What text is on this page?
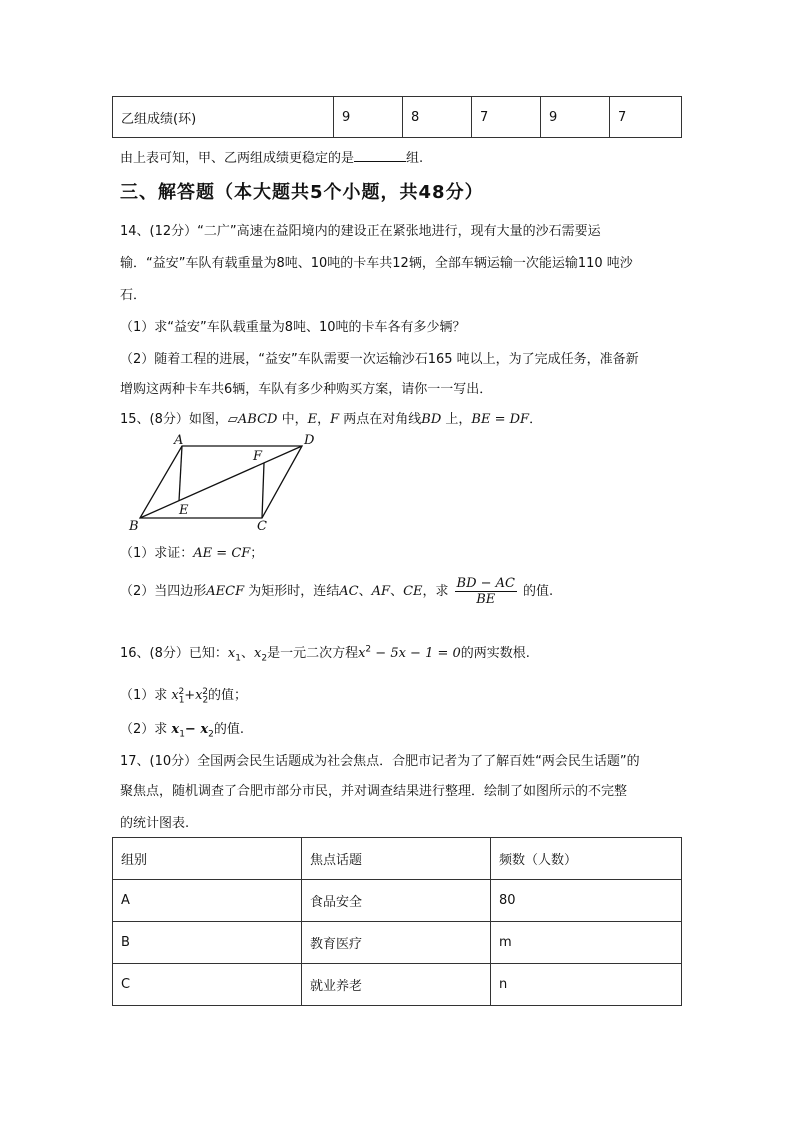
乙组成绩(环)	9	8	7	9	7
由上表可知，甲、乙两组成绩更稳定的是	组.
三、解答题（本大题共5个小题，共48分）
14、(12分）“二广”高速在益阳境内的建设正在紧张地进行，现有大量的沙石需要运
输．“益安”车队有载重量为8吨、10吨的卡车共12辆，全部车辆运输一次能运输110 吨沙
石．
（1）求“益安”车队载重量为8吨、10吨的卡车各有多少辆？
（2）随着工程的进展，“益安”车队需要一次运输沙石165 吨以上，为了完成任务，准备新
增购这两种卡车共6辆，车队有多少种购买方案，请你一一写出．
15、(8分）如图，▱ABCD 中，E，F 两点在对角线BD 上，BE = DF．
A	D
B	C
E
F
（1）求证：AE = CF；
（2）当四边形AECF 为矩形时，连结AC、AF、CE，求 $\frac{BD - AC}{BE}$ 的值.
16、(8分）已知：$x_1$、$x_2$是一元二次方程$x^2 - 5x - 1 = 0$的两实数根.
（1）求 $x_1^2+x_2^2$的值；
（2）求 $x_1- x_2$的值.
17、(10分）全国两会民生话题成为社会焦点．合肥市记者为了了解百姓“两会民生话题”的
聚焦点，随机调查了合肥市部分市民，并对调查结果进行整理．绘制了如图所示的不完整
的统计图表.
组别	焦点话题	频数（人数）
A	食品安全	80
B	教育医疗	m
C	就业养老	n
